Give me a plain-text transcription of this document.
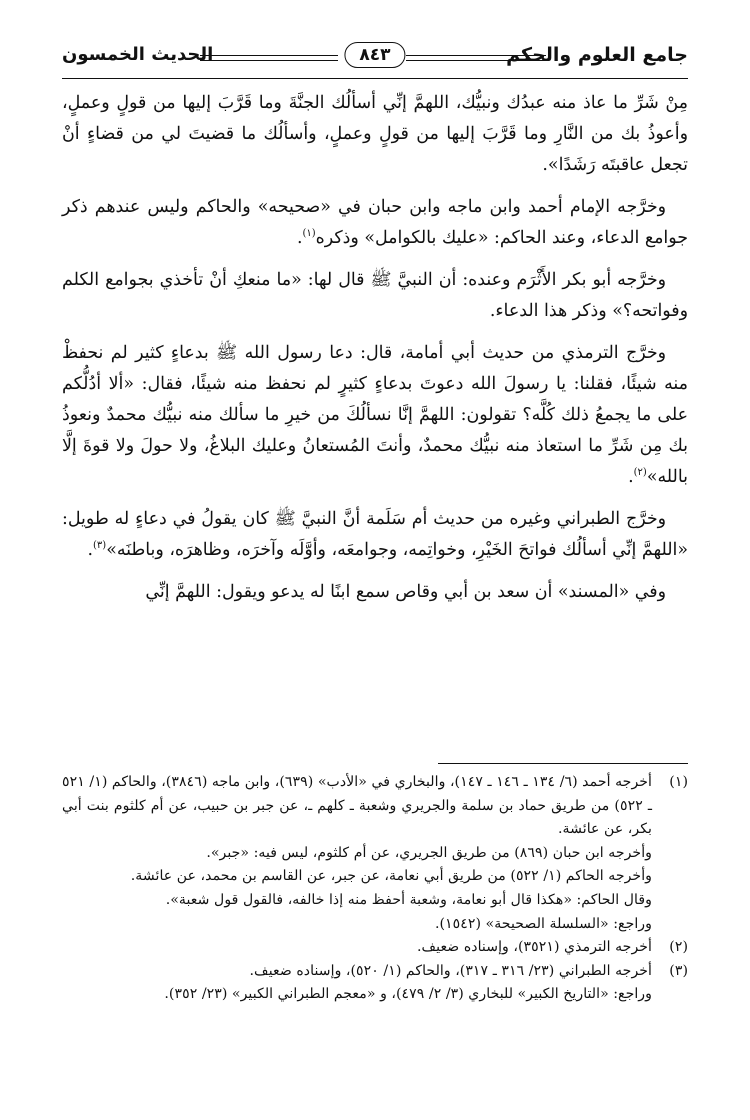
جامع العلوم والحكم
٨٤٣
الحديث الخمسون

مِنْ شَرِّ ما عاذ منه عبدُك ونبيُّك، اللهمَّ إنِّي أسألُك الجنَّةَ وما قَرَّبَ إليها من قولٍ وعملٍ، وأعوذُ بك من النَّارِ وما قَرَّبَ إليها من قولٍ وعملٍ، وأسألُك ما قضيتَ لي من قضاءٍ أنْ تجعل عاقبتَه رَشَدًا».

وخرَّجه الإمام أحمد وابن ماجه وابن حبان في «صحيحه» والحاكم وليس عندهم ذكر جوامع الدعاء، وعند الحاكم: «عليك بالكوامل» وذكره$^{(١)}$.

وخرَّجه أبو بكر الأَثْرَم وعنده: أن النبيَّ ﷺ قال لها: «ما منعكِ أنْ تأخذي بجوامع الكلم وفواتحه؟» وذكر هذا الدعاء.

وخرَّج الترمذي من حديث أبي أمامة، قال: دعا رسول الله ﷺ بدعاءٍ كثير لم نحفظْ منه شيئًا، فقلنا: يا رسولَ الله دعوتَ بدعاءٍ كثيرٍ لم نحفظ منه شيئًا، فقال: «ألا أدُلُّكم على ما يجمعُ ذلك كُلَّه؟ تقولون: اللهمَّ إنَّا نسألُكَ من خيرِ ما سألك منه نبيُّك محمدٌ ونعوذُ بك مِن شَرِّ ما استعاذ منه نبيُّك محمدٌ، وأنتَ المُستعانُ وعليك البلاغُ، ولا حولَ ولا قوةَ إلَّا بالله»$^{(٢)}$.

وخرَّج الطبراني وغيره من حديث أم سَلَمة أنَّ النبيَّ ﷺ كان يقولُ في دعاءٍ له طويل: «اللهمَّ إنِّي أسألُك فواتحَ الخَيْرِ، وخواتِمه، وجوامعَه، وأوَّلَه وآخرَه، وظاهرَه، وباطنَه»$^{(٣)}$.

وفي «المسند» أن سعد بن أبي وقاص سمع ابنًا له يدعو ويقول: اللهمَّ إنِّي

(١)
أخرجه أحمد (٦/ ١٣٤ ـ ١٤٦ ـ ١٤٧)، والبخاري في «الأدب» (٦٣٩)، وابن ماجه (٣٨٤٦)، والحاكم (١/ ٥٢١ ـ ٥٢٢) من طريق حماد بن سلمة والجريري وشعبة ـ كلهم ـ، عن جبر بن حبيب، عن أم كلثوم بنت أبي بكر، عن عائشة.

وأخرجه ابن حبان (٨٦٩) من طريق الجريري، عن أم كلثوم، ليس فيه: «جبر».

وأخرجه الحاكم (١/ ٥٢٢) من طريق أبي نعامة، عن جبر، عن القاسم بن محمد، عن عائشة.

وقال الحاكم: «هكذا قال أبو نعامة، وشعبة أحفظ منه إذا خالفه، فالقول قول شعبة».

وراجع: «السلسلة الصحيحة» (١٥٤٢).

(٢)
أخرجه الترمذي (٣٥٢١)، وإسناده ضعيف.

(٣)
أخرجه الطبراني (٢٣/ ٣١٦ ـ ٣١٧)، والحاكم (١/ ٥٢٠)، وإسناده ضعيف.

وراجع: «التاريخ الكبير» للبخاري (٣/ ٢/ ٤٧٩)، و «معجم الطبراني الكبير» (٢٣/ ٣٥٢).
